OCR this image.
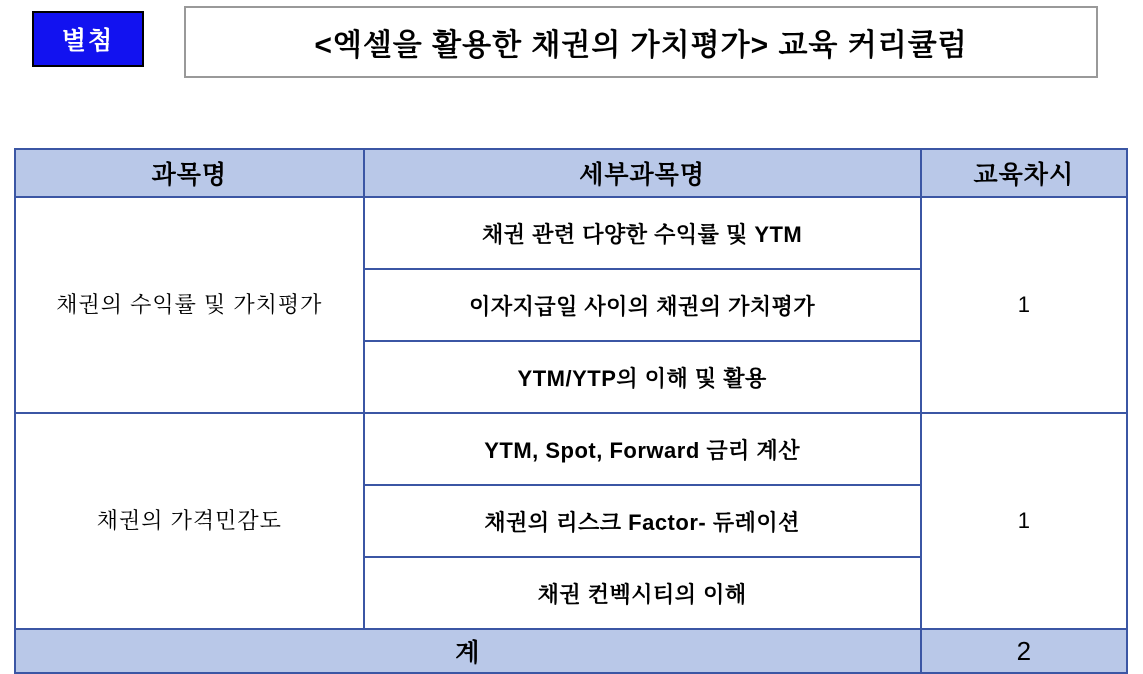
별첨	<엑셀을 활용한 채권의 가치평가> 교육 커리큘럼
과목명	세부과목명	교육차시
채권의 수익률 및 가치평가	채권 관련 다양한 수익률 및 YTM	1
	이자지급일 사이의 채권의 가치평가	
	YTM/YTP의 이해 및 활용	
채권의 가격민감도	YTM, Spot, Forward 금리 계산	1
	채권의 리스크 Factor- 듀레이션	
	채권 컨벡시티의 이해	
계		2
